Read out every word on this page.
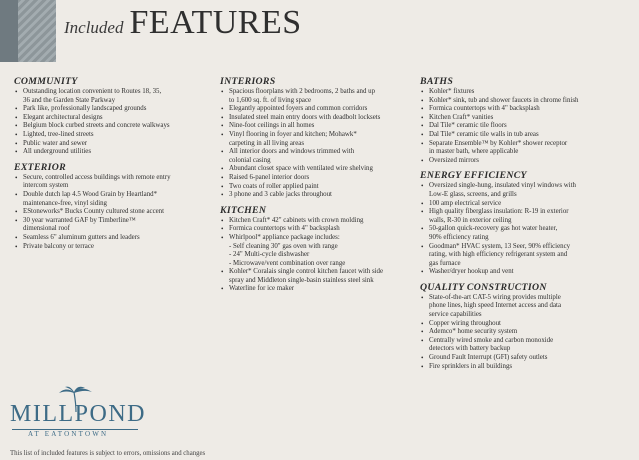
Included FEATURES
COMMUNITY
• Outstanding location convenient to Routes 18, 35,
36 and the Garden State Parkway
• Park like, professionally landscaped grounds
• Elegant architectural designs
• Belgium block curbed streets and concrete walkways
• Lighted, tree-lined streets
• Public water and sewer
• All underground utilities
EXTERIOR
• Secure, controlled access buildings with remote entry
intercom system
• Double dutch lap 4.5 Wood Grain by Heartland*
maintenance-free, vinyl siding
• EStoneworks* Bucks County cultured stone accent
• 30 year warranted GAF by Timberline™
dimensional roof
• Seamless 6" aluminum gutters and leaders
• Private balcony or terrace
INTERIORS
• Spacious floorplans with 2 bedrooms, 2 baths and up
to 1,600 sq. ft. of living space
• Elegantly appointed foyers and common corridors
• Insulated steel main entry doors with deadbolt locksets
• Nine-foot ceilings in all homes
• Vinyl flooring in foyer and kitchen; Mohawk*
carpeting in all living areas
• All interior doors and windows trimmed with
colonial casing
• Abundant closet space with ventilated wire shelving
• Raised 6-panel interior doors
• Two coats of roller applied paint
• 3 phone and 3 cable jacks throughout
KITCHEN
• Kitchen Craft* 42" cabinets with crown molding
• Formica countertops with 4" backsplash
• Whirlpool* appliance package includes:
- Self cleaning 30" gas oven with range
- 24" Multi-cycle dishwasher
- Microwave/vent combination over range
• Kohler* Coralais single control kitchen faucet with side
spray and Middleton single-basin stainless steel sink
• Waterline for ice maker
BATHS
• Kohler* fixtures
• Kohler* sink, tub and shower faucets in chrome finish
• Formica countertops with 4" backsplash
• Kitchen Craft* vanities
• Dal Tile* ceramic tile floors
• Dal Tile* ceramic tile walls in tub areas
• Separate Ensemble™ by Kohler* shower receptor
in master bath, where applicable
• Oversized mirrors
ENERGY EFFICIENCY
• Oversized single-hung, insulated vinyl windows with
Low-E glass, screens, and grills
• 100 amp electrical service
• High quality fiberglass insulation: R-19 in exterior
walls, R-30 in exterior ceiling
• 50-gallon quick-recovery gas hot water heater,
90% efficiency rating
• Goodman* HVAC system, 13 Seer, 90% efficiency
rating, with high efficiency refrigerant system and
gas furnace
• Washer/dryer hookup and vent
QUALITY CONSTRUCTION
• State-of-the-art CAT-5 wiring provides multiple
phone lines, high speed Internet access and data
service capabilities
• Copper wiring throughout
• Ademco* home security system
• Centrally wired smoke and carbon monoxide
detectors with battery backup
• Ground Fault Interrupt (GFI) safety outlets
• Fire sprinklers in all buildings
MILLPOND
AT EATONTOWN
This list of included features is subject to errors, omissions and changes
